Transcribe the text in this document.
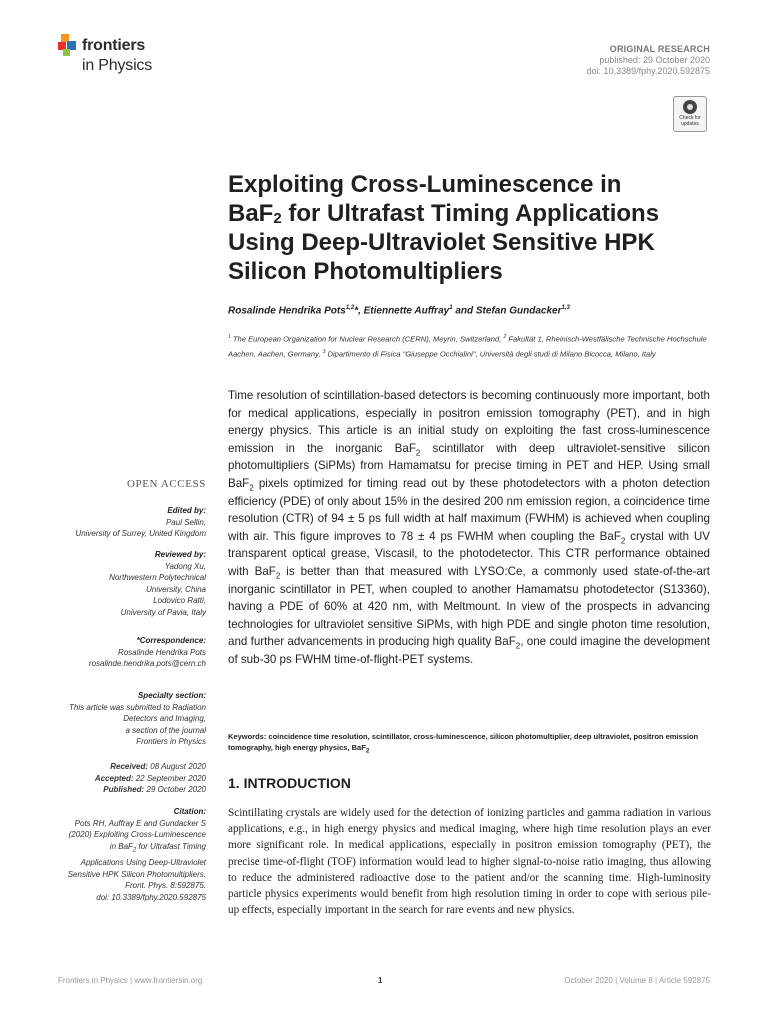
frontiers
in Physics
ORIGINAL RESEARCH
published: 29 October 2020
doi: 10.3389/fphy.2020.592875
Check for
updates
Exploiting Cross-Luminescence in
BaF$_2$ for Ultrafast Timing Applications
Using Deep-Ultraviolet Sensitive HPK
Silicon Photomultipliers
Rosalinde Hendrika Pots$^{1,2}$*, Etiennette Auffray$^1$ and Stefan Gundacker$^{1,3}$
$^1$ The European Organization for Nuclear Research (CERN), Meyrin, Switzerland, $^2$ Fakultät 1, Rheinisch-Westfälische Technische Hochschule Aachen, Aachen, Germany, $^3$ Dipartimento di Fisica "Giuseppe Occhialini", Università degli studi di Milano Bicocca, Milano, Italy
Time resolution of scintillation-based detectors is becoming continuously more important, both for medical applications, especially in positron emission tomography (PET), and in high energy physics. This article is an initial study on exploiting the fast cross-luminescence emission in the inorganic BaF$_2$ scintillator with deep ultraviolet-sensitive silicon photomultipliers (SiPMs) from Hamamatsu for precise timing in PET and HEP. Using small BaF$_2$ pixels optimized for timing read out by these photodetectors with a photon detection efficiency (PDE) of only about 15% in the desired 200 nm emission region, a coincidence time resolution (CTR) of 94 ± 5 ps full width at half maximum (FWHM) is achieved when coupling with air. This figure improves to 78 ± 4 ps FWHM when coupling the BaF$_2$ crystal with UV transparent optical grease, Viscasil, to the photodetector. This CTR performance obtained with BaF$_2$ is better than that measured with LYSO:Ce, a commonly used state-of-the-art inorganic scintillator in PET, when coupled to another Hamamatsu photodetector (S13360), having a PDE of 60% at 420 nm, with Meltmount. In view of the prospects in advancing technologies for ultraviolet sensitive SiPMs, with high PDE and single photon time resolution, and further advancements in producing high quality BaF$_2$, one could imagine the development of sub-30 ps FWHM time-of-flight-PET systems.
Keywords: coincidence time resolution, scintillator, cross-luminescence, silicon photomultiplier, deep ultraviolet, positron emission tomography, high energy physics, BaF$_2$
1. INTRODUCTION
Scintillating crystals are widely used for the detection of ionizing particles and gamma radiation in various applications, e.g., in high energy physics and medical imaging, where high time resolution plays an ever more significant role. In medical applications, especially in positron emission tomography (PET), the precise time-of-flight (TOF) information would lead to higher signal-to-noise ratio imaging, thus allowing to reduce the administered radioactive dose to the patient and/or the scanning time. High-luminosity particle physics experiments would benefit from high resolution timing in order to cope with serious pile-up effects, especially important in the search for rare events and new physics.
OPEN ACCESS
Edited by:
Paul Sellin,
University of Surrey, United Kingdom
Reviewed by:
Yadong Xu,
Northwestern Polytechnical
University, China
Lodovico Ratti,
University of Pavia, Italy
*Correspondence:
Rosalinde Hendrika Pots
rosalinde.hendrika.pots@cern.ch
Specialty section:
This article was submitted to Radiation
Detectors and Imaging,
a section of the journal
Frontiers in Physics
Received: 08 August 2020
Accepted: 22 September 2020
Published: 29 October 2020
Citation:
Pots RH, Auffray E and Gundacker S
(2020) Exploiting Cross-Luminescence
in BaF$_2$ for Ultrafast Timing
Applications Using Deep-Ultraviolet
Sensitive HPK Silicon Photomultipliers.
Front. Phys. 8:592875.
doi: 10.3389/fphy.2020.592875
Frontiers in Physics | www.frontiersin.org	1	October 2020 | Volume 8 | Article 592875
